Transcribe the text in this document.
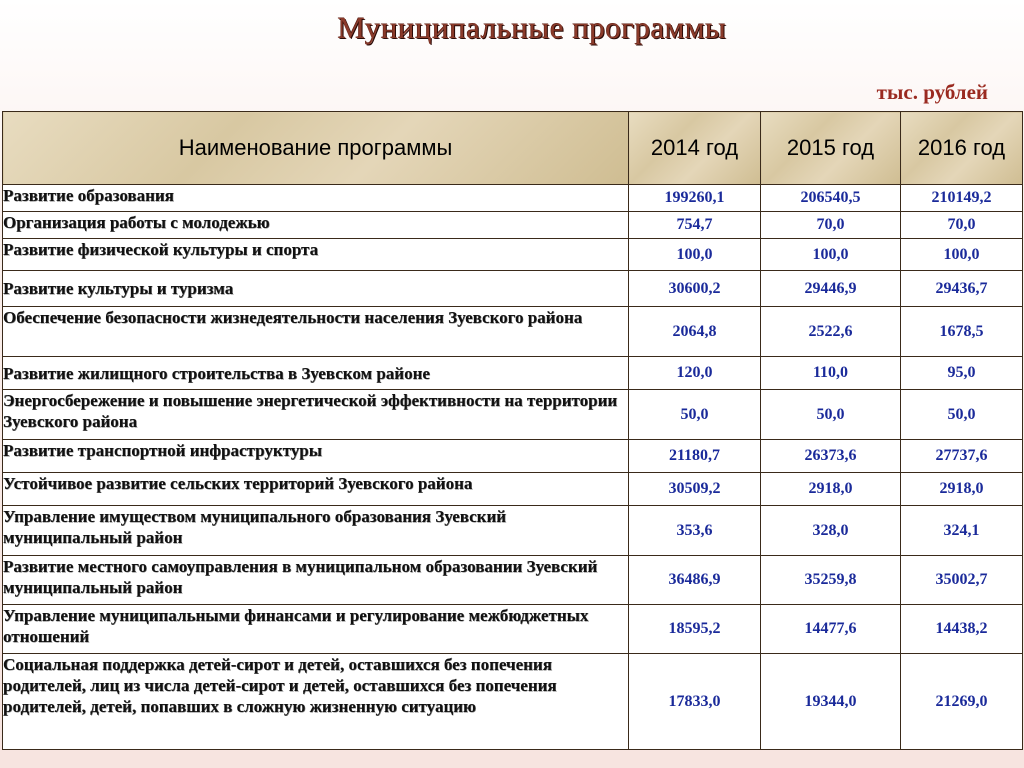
Муниципальные программы
тыс. рублей
Наименование программы	2014 год	2015 год	2016 год
Развитие образования	199260,1	206540,5	210149,2
Организация работы с молодежью	754,7	70,0	70,0
Развитие физической культуры и спорта	100,0	100,0	100,0
Развитие культуры и туризма	30600,2	29446,9	29436,7
Обеспечение безопасности жизнедеятельности населения Зуевского района	2064,8	2522,6	1678,5
Развитие жилищного строительства в Зуевском районе	120,0	110,0	95,0
Энергосбережение и повышение энергетической эффективности на территории Зуевского района	50,0	50,0	50,0
Развитие транспортной инфраструктуры	21180,7	26373,6	27737,6
Устойчивое развитие сельских территорий Зуевского района	30509,2	2918,0	2918,0
Управление имуществом муниципального образования Зуевский муниципальный район	353,6	328,0	324,1
Развитие местного самоуправления в муниципальном образовании Зуевский муниципальный район	36486,9	35259,8	35002,7
Управление муниципальными финансами и регулирование межбюджетных отношений	18595,2	14477,6	14438,2
Социальная поддержка детей-сирот и детей, оставшихся без попечения родителей, лиц из числа детей-сирот и детей, оставшихся без попечения родителей, детей, попавших в сложную жизненную ситуацию	17833,0	19344,0	21269,0
